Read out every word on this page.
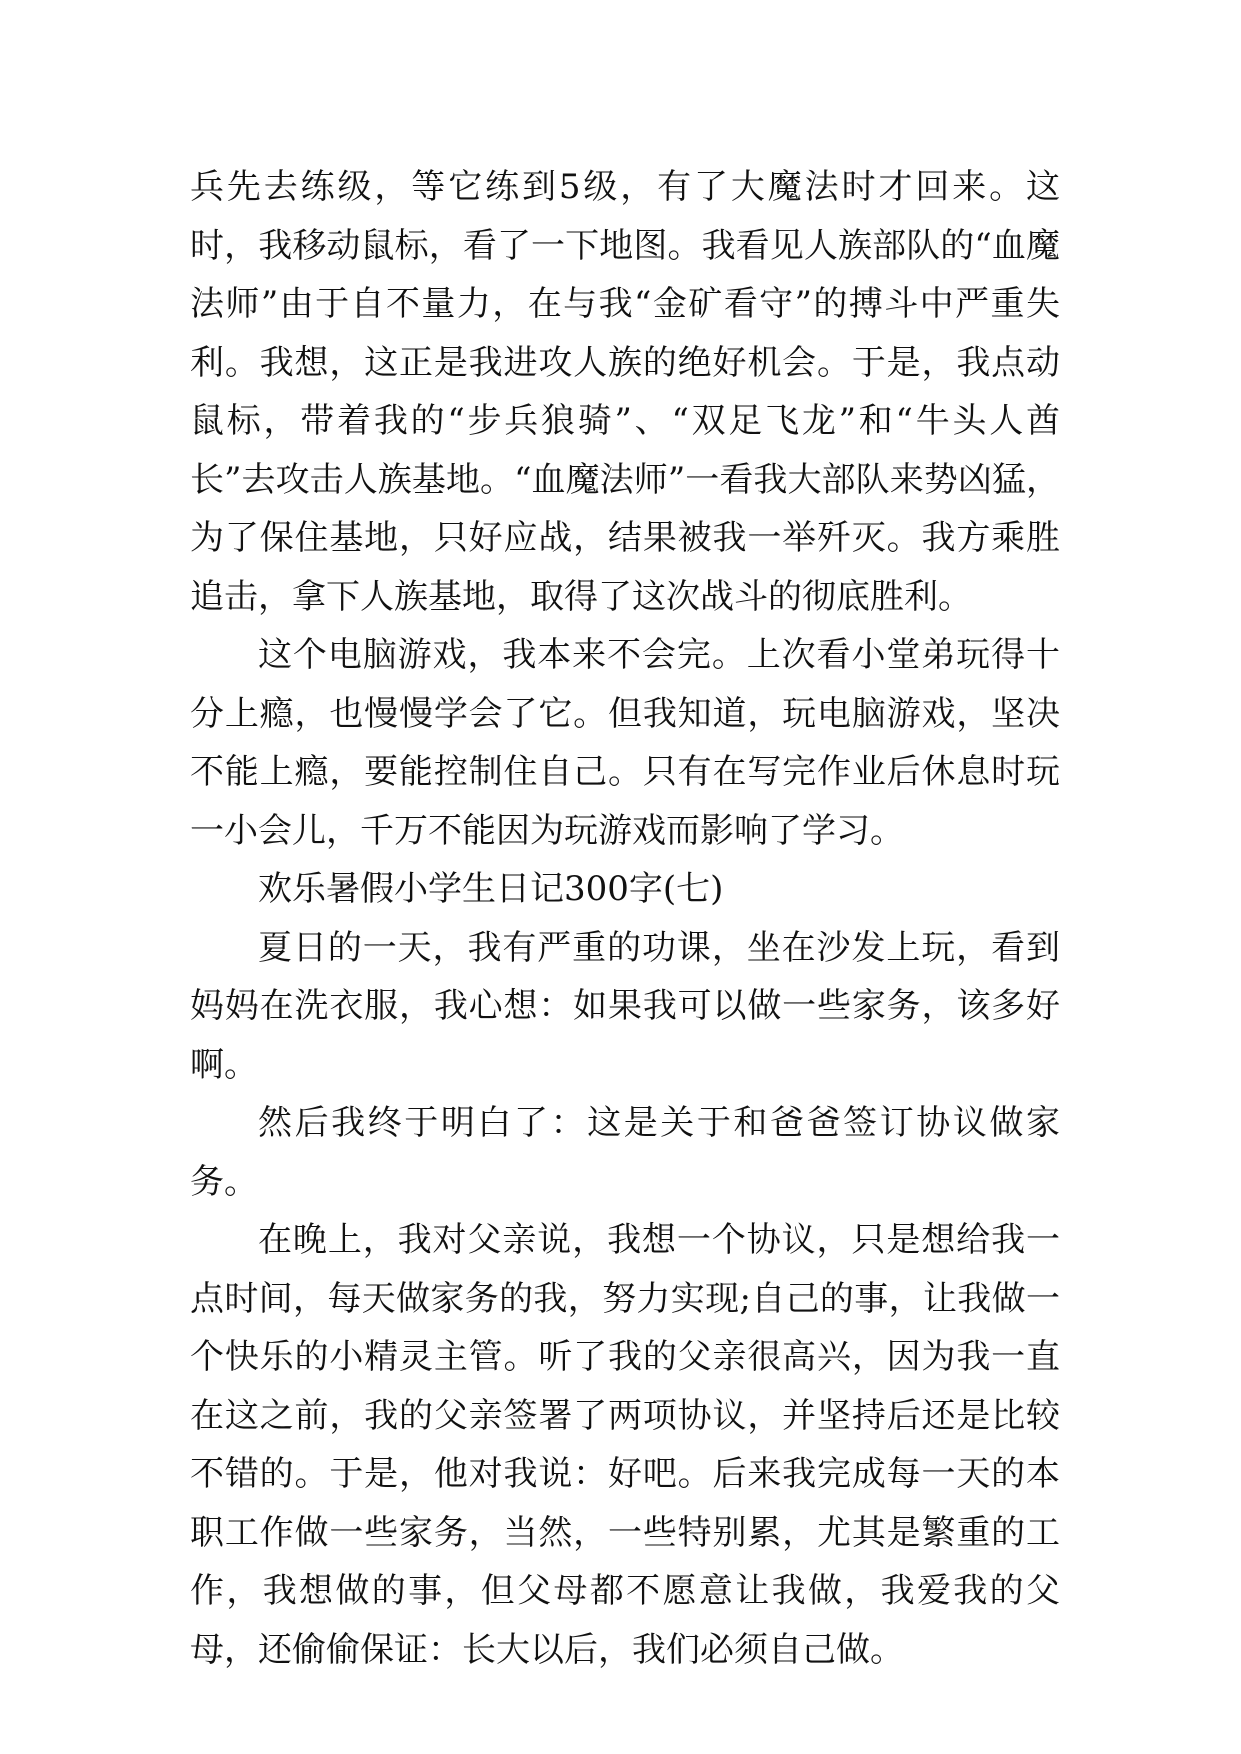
兵先去练级，等它练到5级，有了大魔法时才回来。这时，我移动鼠标，看了一下地图。我看见人族部队的“血魔法师”由于自不量力，在与我“金矿看守”的搏斗中严重失利。我想，这正是我进攻人族的绝好机会。于是，我点动鼠标，带着我的“步兵狼骑”、“双足飞龙”和“牛头人酋长”去攻击人族基地。“血魔法师”一看我大部队来势凶猛，为了保住基地，只好应战，结果被我一举歼灭。我方乘胜追击，拿下人族基地，取得了这次战斗的彻底胜利。

这个电脑游戏，我本来不会完。上次看小堂弟玩得十分上瘾，也慢慢学会了它。但我知道，玩电脑游戏，坚决不能上瘾，要能控制住自己。只有在写完作业后休息时玩一小会儿，千万不能因为玩游戏而影响了学习。

欢乐暑假小学生日记300字(七)

夏日的一天，我有严重的功课，坐在沙发上玩，看到妈妈在洗衣服，我心想：如果我可以做一些家务，该多好啊。

然后我终于明白了：这是关于和爸爸签订协议做家务。

在晚上，我对父亲说，我想一个协议，只是想给我一点时间，每天做家务的我，努力实现;自己的事，让我做一个快乐的小精灵主管。听了我的父亲很高兴，因为我一直在这之前，我的父亲签署了两项协议，并坚持后还是比较不错的。于是，他对我说：好吧。后来我完成每一天的本职工作做一些家务，当然，一些特别累，尤其是繁重的工作，我想做的事，但父母都不愿意让我做，我爱我的父母，还偷偷保证：长大以后，我们必须自己做。
